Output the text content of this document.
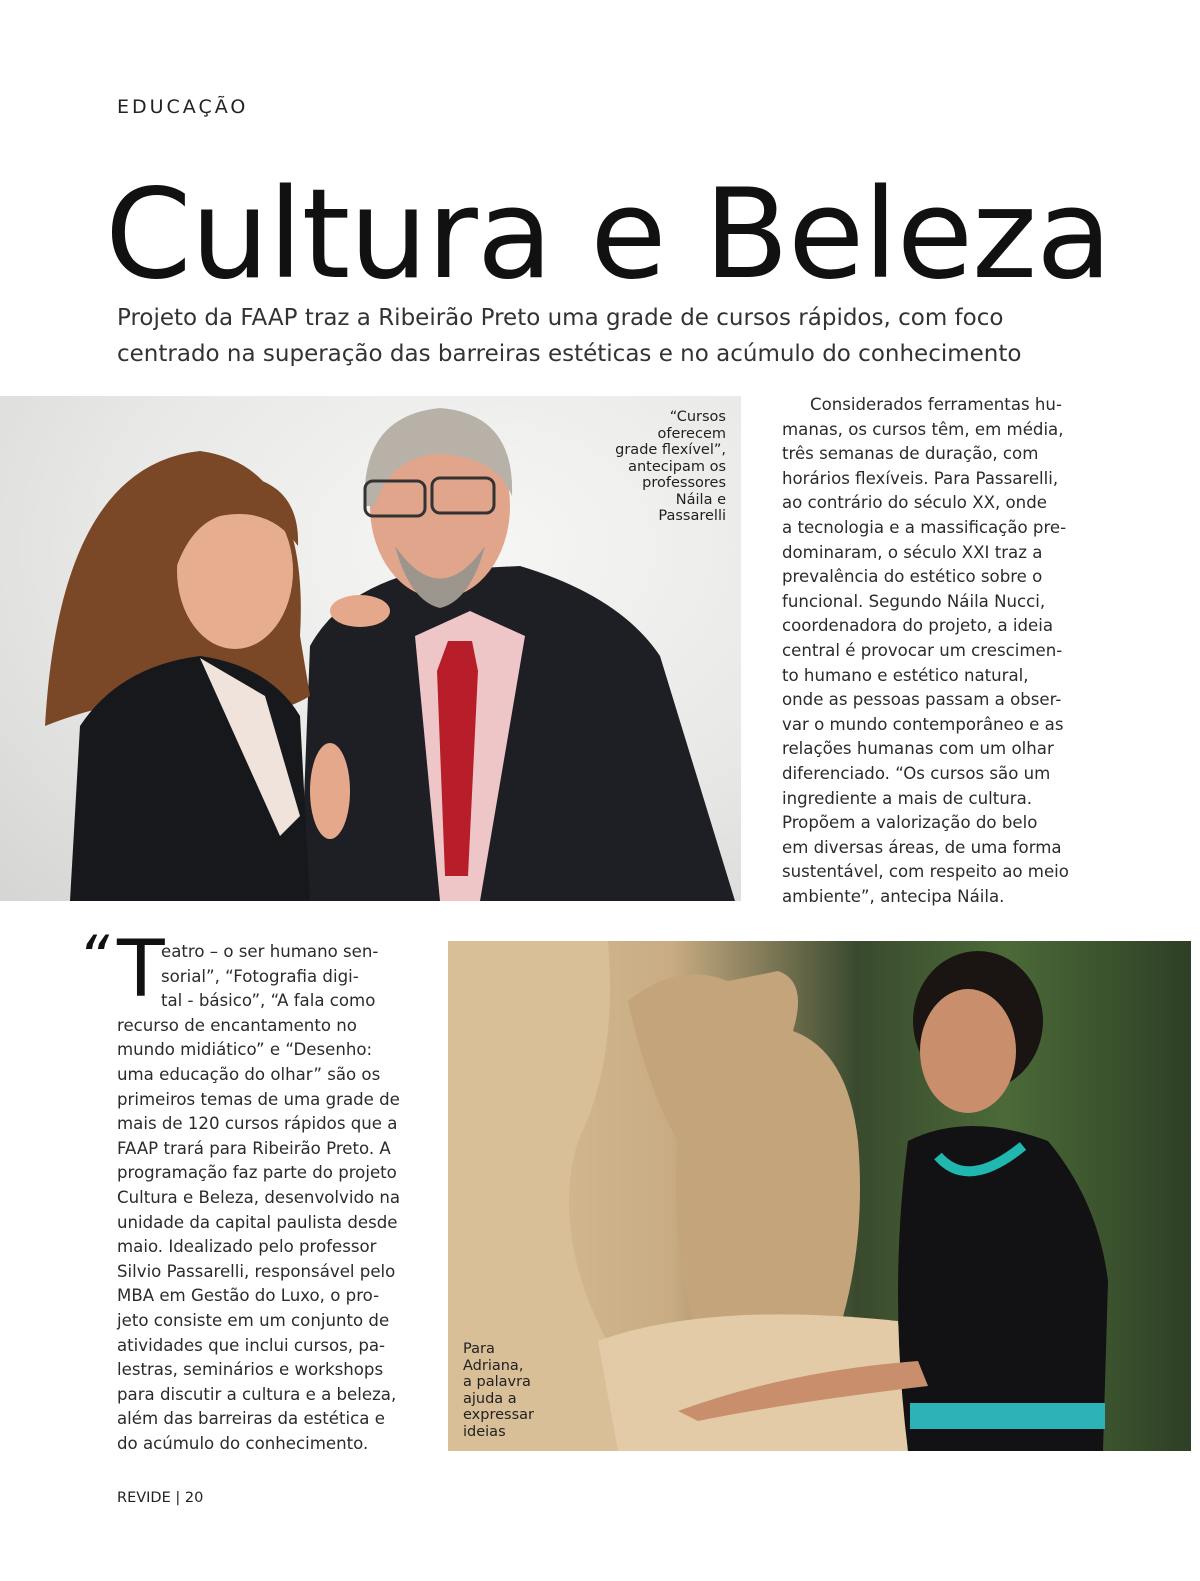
EDUCAÇÃO
Cultura e Beleza
Projeto da FAAP traz a Ribeirão Preto uma grade de cursos rápidos, com foco
centrado na superação das barreiras estéticas e no acúmulo do conhecimento
“Cursos
oferecem
grade flexível”,
antecipam os
professores
Náila e
Passarelli
Considerados ferramentas hu-
manas, os cursos têm, em média,
três semanas de duração, com
horários flexíveis. Para Passarelli,
ao contrário do século XX, onde
a tecnologia e a massificação pre-
dominaram, o século XXI traz a
prevalência do estético sobre o
funcional. Segundo Náila Nucci,
coordenadora do projeto, a ideia
central é provocar um crescimen-
to humano e estético natural,
onde as pessoas passam a obser-
var o mundo contemporâneo e as
relações humanas com um olhar
diferenciado. “Os cursos são um
ingrediente a mais de cultura.
Propõem a valorização do belo
em diversas áreas, de uma forma
sustentável, com respeito ao meio
ambiente”, antecipa Náila.
“ T
eatro – o ser humano sen-
sorial”, “Fotografia digi-
tal - básico”, “A fala como
recurso de encantamento no
mundo midiático” e “Desenho:
uma educação do olhar” são os
primeiros temas de uma grade de
mais de 120 cursos rápidos que a
FAAP trará para Ribeirão Preto. A
programação faz parte do projeto
Cultura e Beleza, desenvolvido na
unidade da capital paulista desde
maio. Idealizado pelo professor
Silvio Passarelli, responsável pelo
MBA em Gestão do Luxo, o pro-
jeto consiste em um conjunto de
atividades que inclui cursos, pa-
lestras, seminários e workshops
para discutir a cultura e a beleza,
além das barreiras da estética e
do acúmulo do conhecimento.
Para
Adriana,
a palavra
ajuda a
expressar
ideias
REVIDE | 20
